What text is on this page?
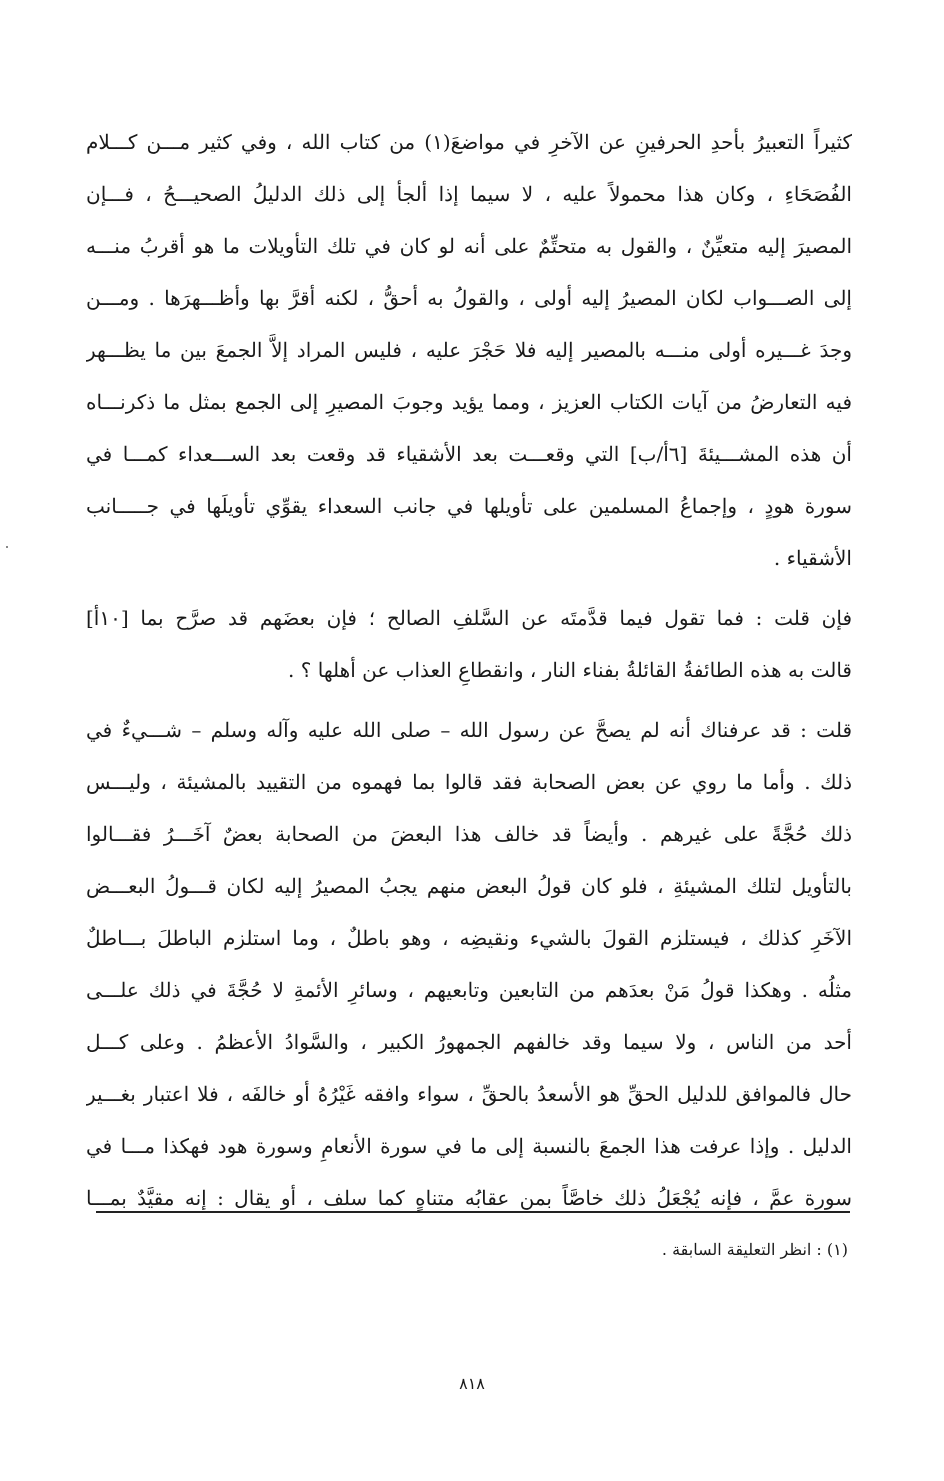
كثيراً التعبيرُ بأحدِ الحرفينِ عن الآخرِ في مواضعَ(١) من كتاب الله ، وفي كثير مـــن كـــلام
الفُصَحَاءِ ، وكان هذا محمولاً عليه ، لا سيما إذا ألجأ إلى ذلك الدليلُ الصحيـــحُ ، فـــإن
المصيرَ إليه متعيِّنٌ ، والقول به متحتِّمٌ على أنه لو كان في تلك التأويلات ما هو أقربُ منـــه
إلى الصـــواب لكان المصيرُ إليه أولى ، والقولُ به أحقُّ ، لكنه أقرَّ بها وأظـــهرَها . ومـــن
وجدَ غـــيره أولى منـــه بالمصير إليه فلا حَجْرَ عليه ، فليس المراد إلاَّ الجمعَ بين ما يظـــهر
فيه التعارضُ من آيات الكتاب العزيز ، ومما يؤيد وجوبَ المصيرِ إلى الجمع بمثل ما ذكرنـــاه
أن هذه المشـــيئةَ [٦أ/ب] التي وقعـــت بعد الأشقياء قد وقعت بعد الســـعداء كمـــا في
سورة هودٍ ، وإجماعُ المسلمين على تأويلها في جانب السعداء يقوِّي تأويلَها في جـــــانب
الأشقياء .
فإن قلت : فما تقول فيما قدَّمتَه عن السَّلفِ الصالح ؛ فإن بعضَهم قد صرَّح بما [١٠أ]
قالت به هذه الطائفةُ القائلةُ بفناء النار ، وانقطاعِ العذاب عن أهلها ؟ .
قلت : قد عرفناك أنه لم يصحَّ عن رسول الله – صلى الله عليه وآله وسلم – شـــيءٌ في
ذلك . وأما ما روي عن بعض الصحابة فقد قالوا بما فهموه من التقييد بالمشيئة ، وليـــس
ذلك حُجَّةً على غيرهم . وأيضاً قد خالف هذا البعضَ من الصحابة بعضٌ آخَـــرُ فقـــالوا
بالتأويل لتلك المشيئةِ ، فلو كان قولُ البعض منهم يجبُ المصيرُ إليه لكان قـــولُ البعـــض
الآخَرِ كذلك ، فيستلزم القولَ بالشيء ونقيضِه ، وهو باطلٌ ، وما استلزم الباطلَ بـــاطلٌ
مثلُه . وهكذا قولُ مَنْ بعدَهم من التابعين وتابعيهم ، وسائرِ الأئمةِ لا حُجَّةَ في ذلك علـــى
أحد من الناس ، ولا سيما وقد خالفهم الجمهورُ الكبير ، والسَّوادُ الأعظمُ . وعلى كـــل
حال فالموافق للدليل الحقِّ هو الأسعدُ بالحقِّ ، سواء وافقه غَيْرُهُ أو خالفَه ، فلا اعتبار بغـــير
الدليل . وإذا عرفت هذا الجمعَ بالنسبة إلى ما في سورة الأنعامِ وسورة هود فهكذا مـــا في
سورة عمَّ ، فإنه يُجْعَلُ ذلك خاصَّاً بمن عقابُه متناهٍ كما سلف ، أو يقال : إنه مقيَّدٌ بمـــا
(١) : انظر التعليقة السابقة .
٨١٨
